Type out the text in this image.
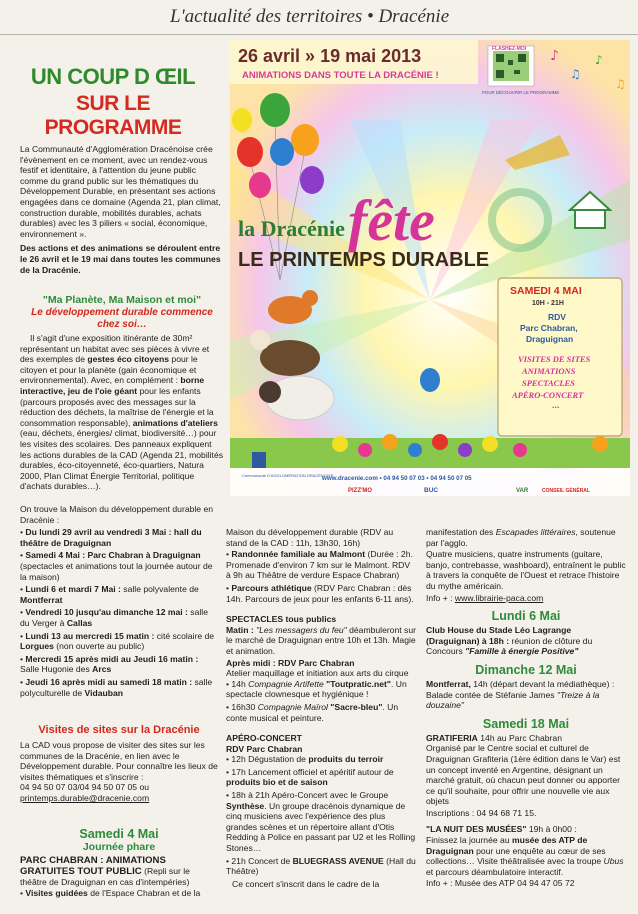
L'actualité des territoires • Dracénie
UN COUP D ŒIL
SUR LE PROGRAMME

La Communauté d'Agglomération Dracénoise crée l'évènement en ce moment, avec un rendez-vous festif et identitaire, à l'attention du jeune public comme du grand public sur les thématiques du Développement Durable, en présentant ses actions engagées dans ce domaine (Agenda 21, plan climat, construction durable, mobilités durables, achats durables) avec les 3 piliers « social, économique, environnement ».

Des actions et des animations se déroulent entre le 26 avril et le 19 mai dans toutes les communes de la Dracénie.

"Ma Planète, Ma Maison et moi"
Le développement durable commence chez soi…

Il s'agit d'une exposition itinérante de 30m² représentant un habitat avec ses pièces à vivre et des exemples de gestes éco citoyens pour le citoyen et pour la planète (gain économique et environnemental). Avec, en complément : borne interactive, jeu de l'oie géant pour les enfants (parcours proposés avec des messages sur la réduction des déchets, la maîtrise de l'énergie et la consommation responsable), animations d'ateliers (eau, déchets, énergies/ climat, biodiversité…) pour les visites des scolaires. Des panneaux expliquent les actions durables de la CAD (Agenda 21, mobilités durables, éco-citoyenneté, éco-quartiers, Natura 2000, Plan Climat Énergie Territorial, politique d'achats durables…).

26 avril » 19 mai 2013
ANIMATIONS DANS TOUTE LA DRACÉNIE !
FLASHEZ-MOI
POUR DÉCOUVRIR LE PROGRAMME
♪
♫
♪
♫
la Dracénie fête
LE PRINTEMPS DURABLE
SAMEDI 4 MAI
10H - 21H
RDV
Parc Chabran,
Draguignan
VISITES DE SITES
ANIMATIONS
SPECTACLES
APÉRO-CONCERT
...
www.dracenie.com • 04 94 50 07 03 • 04 94 50 07 05
Communauté D'AGGLOMÉRATION DRACÉNOISE
PIZZ'MO	BUC	VAR	CONSEIL GÉNÉRAL

On trouve la Maison du développement durable en Dracénie :

• Du lundi 29 avril au vendredi 3 Mai : hall du théâtre de Draguignan
• Samedi 4 Mai : Parc Chabran à Draguignan (spectacles et animations tout la journée autour de la maison)
• Lundi 6 et mardi 7 Mai : salle polyvalente de Montferrat
• Vendredi 10 jusqu'au dimanche 12 mai : salle du Verger à Callas
• Lundi 13 au mercredi 15 matin : cité scolaire de Lorgues (non ouverte au public)
• Mercredi 15 après midi au Jeudi 16 matin : Salle Hugonie des Arcs
• Jeudi 16 après midi au samedi 18 matin : salle polyculturelle de Vidauban
Visites de sites sur la Dracénie

La CAD vous propose de visiter des sites sur les communes de la Dracénie, en lien avec le Développement durable. Pour connaître les lieux de visites thématiques et s'inscrire :

04 94 50 07 03/04 94 50 07 05 ou
printemps.durable@dracenie.com
Samedi 4 Mai
Journée phare
PARC CHABRAN : ANIMATIONS GRATUITES TOUT PUBLIC (Repli sur le théâtre de Draguignan en cas d'intempéries)
• Visites guidées de l'Espace Chabran et de la

Maison du développement durable (RDV au stand de la CAD : 11h, 13h30, 16h)

• Randonnée familiale au Malmont (Durée : 2h. Promenade d'environ 7 km sur le Malmont. RDV à 9h au Théâtre de verdure Espace Chabran)
• Parcours athlétique (RDV Parc Chabran : dès 14h. Parcours de jeux pour les enfants 6-11 ans).
SPECTACLES tous publics

Matin : "Les messagers du feu" déambuleront sur le marché de Draguignan entre 10h et 13h. Magie et animation.

Après midi : RDV Parc Chabran
Atelier maquillage et initiation aux arts du cirque
• 14h Compagnie Artifette "Toutpratic.net". Un spectacle clownesque et hygiénique !
• 16h30 Compagnie Maïrol "Sacre-bleu". Un conte musical et peinture.
APÉRO-CONCERT
RDV Parc Chabran
• 12h Dégustation de produits du terroir
• 17h Lancement officiel et apéritif autour de produits bio et de saison
• 18h à 21h Apéro-Concert avec le Groupe Synthèse. Un groupe dracénois dynamique de cinq musiciens avec l'expérience des plus grandes scènes et un répertoire allant d'Otis Redding à Police en passant par U2 et les Rolling Stones…
• 21h Concert de BLUEGRASS AVENUE (Hall du Théâtre)
Ce concert s'inscrit dans le cadre de la

manifestation des Escapades littéraires, soutenue par l'agglo.

Quatre musiciens, quatre instruments (guitare, banjo, contrebasse, washboard), entraînent le public à travers la conquête de l'Ouest et retrace l'histoire du mythe américain.

Info + : www.librairie-paca.com
Lundi 6 Mai

Club House du Stade Léo Lagrange (Draguignan) à 18h : réunion de clôture du Concours "Famille à énergie Positive"

Dimanche 12 Mai

Montferrat, 14h (départ devant la médiathèque) : Balade contée de Stéfanie James "Treize à la douzaine"

Samedi 18 Mai
GRATIFERIA 14h au Parc Chabran

Organisé par le Centre social et culturel de Draguignan Grafiteria (1ère édition dans le Var) est un concept inventé en Argentine, désignant un marché gratuit, où chacun peut donner ou apporter ce qu'il souhaite, pour offrir une nouvelle vie aux objets

Inscriptions : 04 94 68 71 15.
"LA NUIT DES MUSÉES" 19h à 0h00 :

Finissez la journée au musée des ATP de Draguignan pour une enquête au cœur de ses collections… Visite théâtralisée avec la troupe Ubus et parcours déambulatoire interactif.

Info + : Musée des ATP 04 94 47 05 72
